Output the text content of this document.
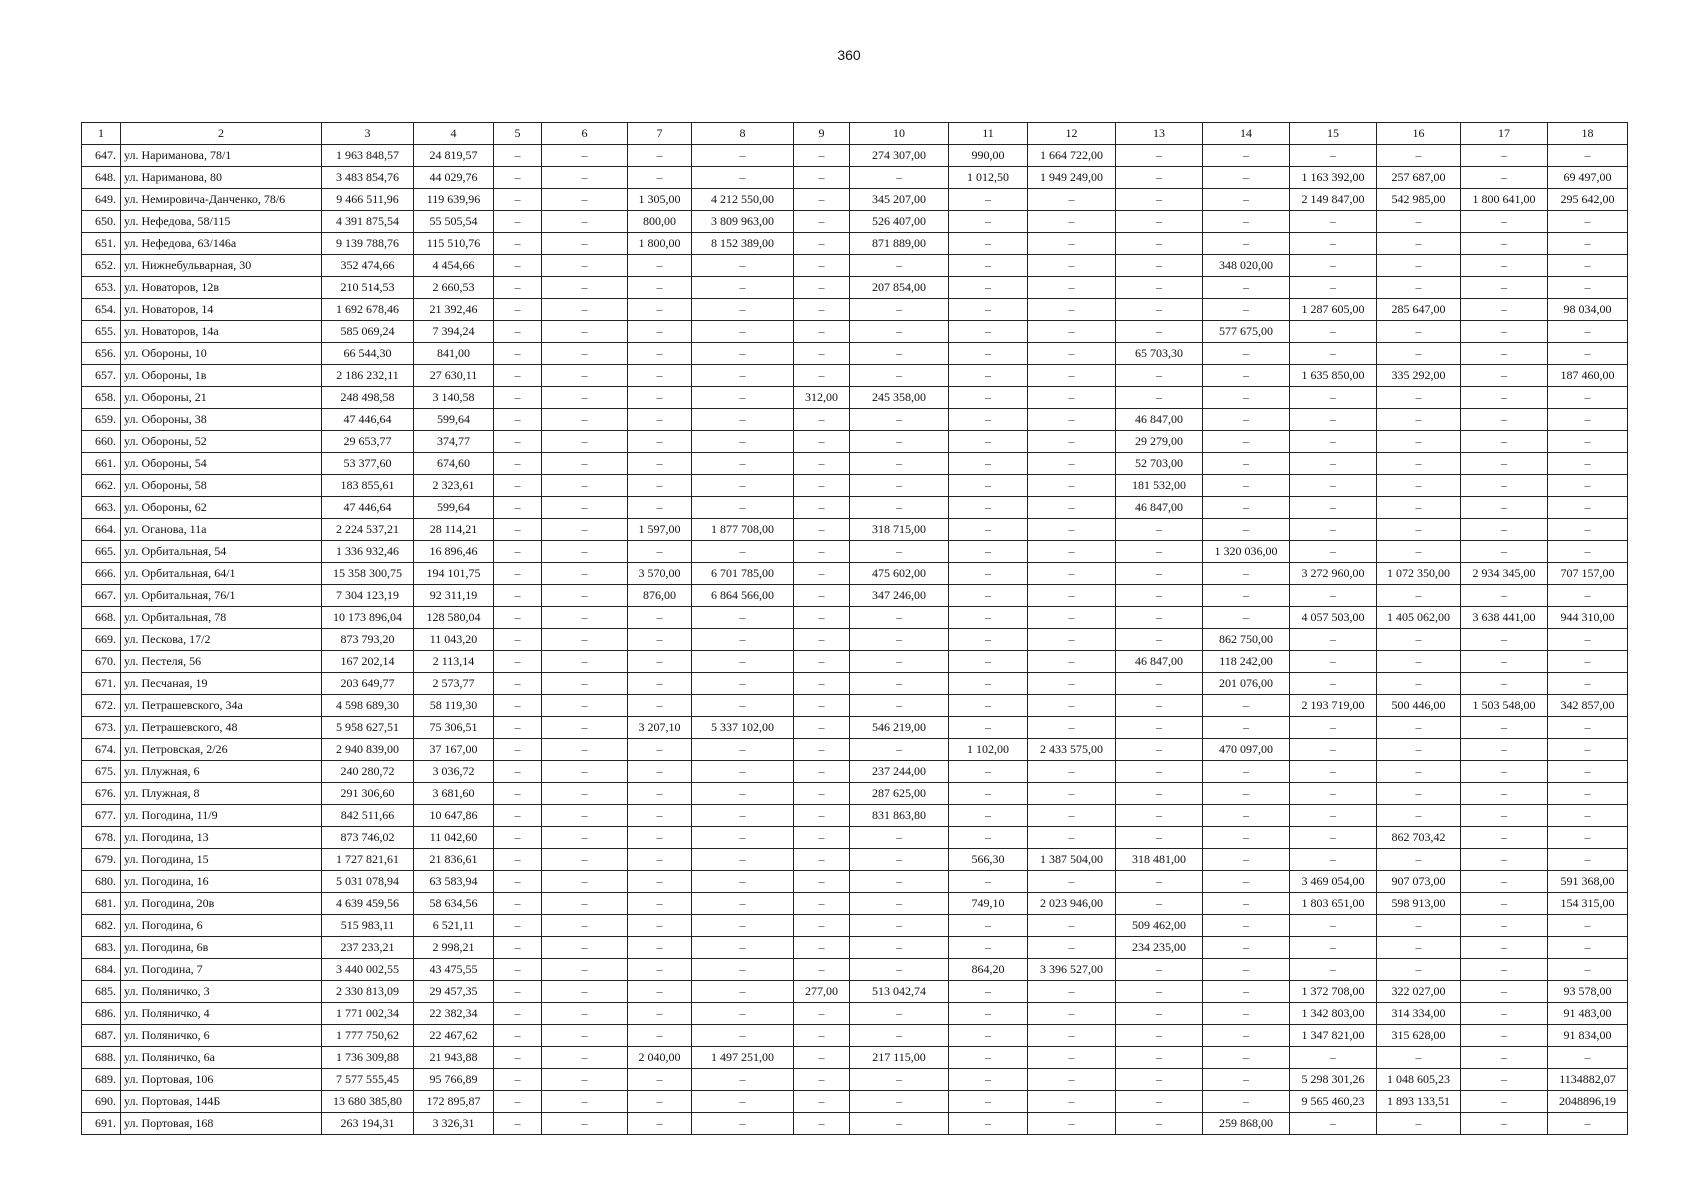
360
1	2	3	4	5	6	7	8	9	10	11	12	13	14	15	16	17	18
647.	ул. Нариманова, 78/1	1 963 848,57	24 819,57	–	–	–	–	–	274 307,00	990,00	1 664 722,00	–	–	–	–	–	–
648.	ул. Нариманова, 80	3 483 854,76	44 029,76	–	–	–	–	–	–	1 012,50	1 949 249,00	–	–	1 163 392,00	257 687,00	–	69 497,00
649.	ул. Немировича-Данченко, 78/6	9 466 511,96	119 639,96	–	–	1 305,00	4 212 550,00	–	345 207,00	–	–	–	–	2 149 847,00	542 985,00	1 800 641,00	295 642,00
650.	ул. Нефедова, 58/115	4 391 875,54	55 505,54	–	–	800,00	3 809 963,00	–	526 407,00	–	–	–	–	–	–	–	–
651.	ул. Нефедова, 63/146а	9 139 788,76	115 510,76	–	–	1 800,00	8 152 389,00	–	871 889,00	–	–	–	–	–	–	–	–
652.	ул. Нижнебульварная, 30	352 474,66	4 454,66	–	–	–	–	–	–	–	–	–	348 020,00	–	–	–	–
653.	ул. Новаторов, 12в	210 514,53	2 660,53	–	–	–	–	–	207 854,00	–	–	–	–	–	–	–	–
654.	ул. Новаторов, 14	1 692 678,46	21 392,46	–	–	–	–	–	–	–	–	–	–	1 287 605,00	285 647,00	–	98 034,00
655.	ул. Новаторов, 14а	585 069,24	7 394,24	–	–	–	–	–	–	–	–	–	577 675,00	–	–	–	–
656.	ул. Обороны, 10	66 544,30	841,00	–	–	–	–	–	–	–	–	65 703,30	–	–	–	–	–
657.	ул. Обороны, 1в	2 186 232,11	27 630,11	–	–	–	–	–	–	–	–	–	–	1 635 850,00	335 292,00	–	187 460,00
658.	ул. Обороны, 21	248 498,58	3 140,58	–	–	–	–	312,00	245 358,00	–	–	–	–	–	–	–	–
659.	ул. Обороны, 38	47 446,64	599,64	–	–	–	–	–	–	–	–	46 847,00	–	–	–	–	–
660.	ул. Обороны, 52	29 653,77	374,77	–	–	–	–	–	–	–	–	29 279,00	–	–	–	–	–
661.	ул. Обороны, 54	53 377,60	674,60	–	–	–	–	–	–	–	–	52 703,00	–	–	–	–	–
662.	ул. Обороны, 58	183 855,61	2 323,61	–	–	–	–	–	–	–	–	181 532,00	–	–	–	–	–
663.	ул. Обороны, 62	47 446,64	599,64	–	–	–	–	–	–	–	–	46 847,00	–	–	–	–	–
664.	ул. Оганова, 11а	2 224 537,21	28 114,21	–	–	1 597,00	1 877 708,00	–	318 715,00	–	–	–	–	–	–	–	–
665.	ул. Орбитальная, 54	1 336 932,46	16 896,46	–	–	–	–	–	–	–	–	–	1 320 036,00	–	–	–	–
666.	ул. Орбитальная, 64/1	15 358 300,75	194 101,75	–	–	3 570,00	6 701 785,00	–	475 602,00	–	–	–	–	3 272 960,00	1 072 350,00	2 934 345,00	707 157,00
667.	ул. Орбитальная, 76/1	7 304 123,19	92 311,19	–	–	876,00	6 864 566,00	–	347 246,00	–	–	–	–	–	–	–	–
668.	ул. Орбитальная, 78	10 173 896,04	128 580,04	–	–	–	–	–	–	–	–	–	–	4 057 503,00	1 405 062,00	3 638 441,00	944 310,00
669.	ул. Пескова, 17/2	873 793,20	11 043,20	–	–	–	–	–	–	–	–	–	862 750,00	–	–	–	–
670.	ул. Пестеля, 56	167 202,14	2 113,14	–	–	–	–	–	–	–	–	46 847,00	118 242,00	–	–	–	–
671.	ул. Песчаная, 19	203 649,77	2 573,77	–	–	–	–	–	–	–	–	–	201 076,00	–	–	–	–
672.	ул. Петрашевского, 34а	4 598 689,30	58 119,30	–	–	–	–	–	–	–	–	–	–	2 193 719,00	500 446,00	1 503 548,00	342 857,00
673.	ул. Петрашевского, 48	5 958 627,51	75 306,51	–	–	3 207,10	5 337 102,00	–	546 219,00	–	–	–	–	–	–	–	–
674.	ул. Петровская, 2/26	2 940 839,00	37 167,00	–	–	–	–	–	–	1 102,00	2 433 575,00	–	470 097,00	–	–	–	–
675.	ул. Плужная, 6	240 280,72	3 036,72	–	–	–	–	–	237 244,00	–	–	–	–	–	–	–	–
676.	ул. Плужная, 8	291 306,60	3 681,60	–	–	–	–	–	287 625,00	–	–	–	–	–	–	–	–
677.	ул. Погодина, 11/9	842 511,66	10 647,86	–	–	–	–	–	831 863,80	–	–	–	–	–	–	–	–
678.	ул. Погодина, 13	873 746,02	11 042,60	–	–	–	–	–	–	–	–	–	–	–	862 703,42	–	–
679.	ул. Погодина, 15	1 727 821,61	21 836,61	–	–	–	–	–	–	566,30	1 387 504,00	318 481,00	–	–	–	–	–
680.	ул. Погодина, 16	5 031 078,94	63 583,94	–	–	–	–	–	–	–	–	–	–	3 469 054,00	907 073,00	–	591 368,00
681.	ул. Погодина, 20в	4 639 459,56	58 634,56	–	–	–	–	–	–	749,10	2 023 946,00	–	–	1 803 651,00	598 913,00	–	154 315,00
682.	ул. Погодина, 6	515 983,11	6 521,11	–	–	–	–	–	–	–	–	509 462,00	–	–	–	–	–
683.	ул. Погодина, 6в	237 233,21	2 998,21	–	–	–	–	–	–	–	–	234 235,00	–	–	–	–	–
684.	ул. Погодина, 7	3 440 002,55	43 475,55	–	–	–	–	–	–	864,20	3 396 527,00	–	–	–	–	–	–
685.	ул. Поляничко, 3	2 330 813,09	29 457,35	–	–	–	–	277,00	513 042,74	–	–	–	–	1 372 708,00	322 027,00	–	93 578,00
686.	ул. Поляничко, 4	1 771 002,34	22 382,34	–	–	–	–	–	–	–	–	–	–	1 342 803,00	314 334,00	–	91 483,00
687.	ул. Поляничко, 6	1 777 750,62	22 467,62	–	–	–	–	–	–	–	–	–	–	1 347 821,00	315 628,00	–	91 834,00
688.	ул. Поляничко, 6а	1 736 309,88	21 943,88	–	–	2 040,00	1 497 251,00	–	217 115,00	–	–	–	–	–	–	–	–
689.	ул. Портовая, 106	7 577 555,45	95 766,89	–	–	–	–	–	–	–	–	–	–	5 298 301,26	1 048 605,23	–	1134882,07
690.	ул. Портовая, 144Б	13 680 385,80	172 895,87	–	–	–	–	–	–	–	–	–	–	9 565 460,23	1 893 133,51	–	2048896,19
691.	ул. Портовая, 168	263 194,31	3 326,31	–	–	–	–	–	–	–	–	–	259 868,00	–	–	–	–
